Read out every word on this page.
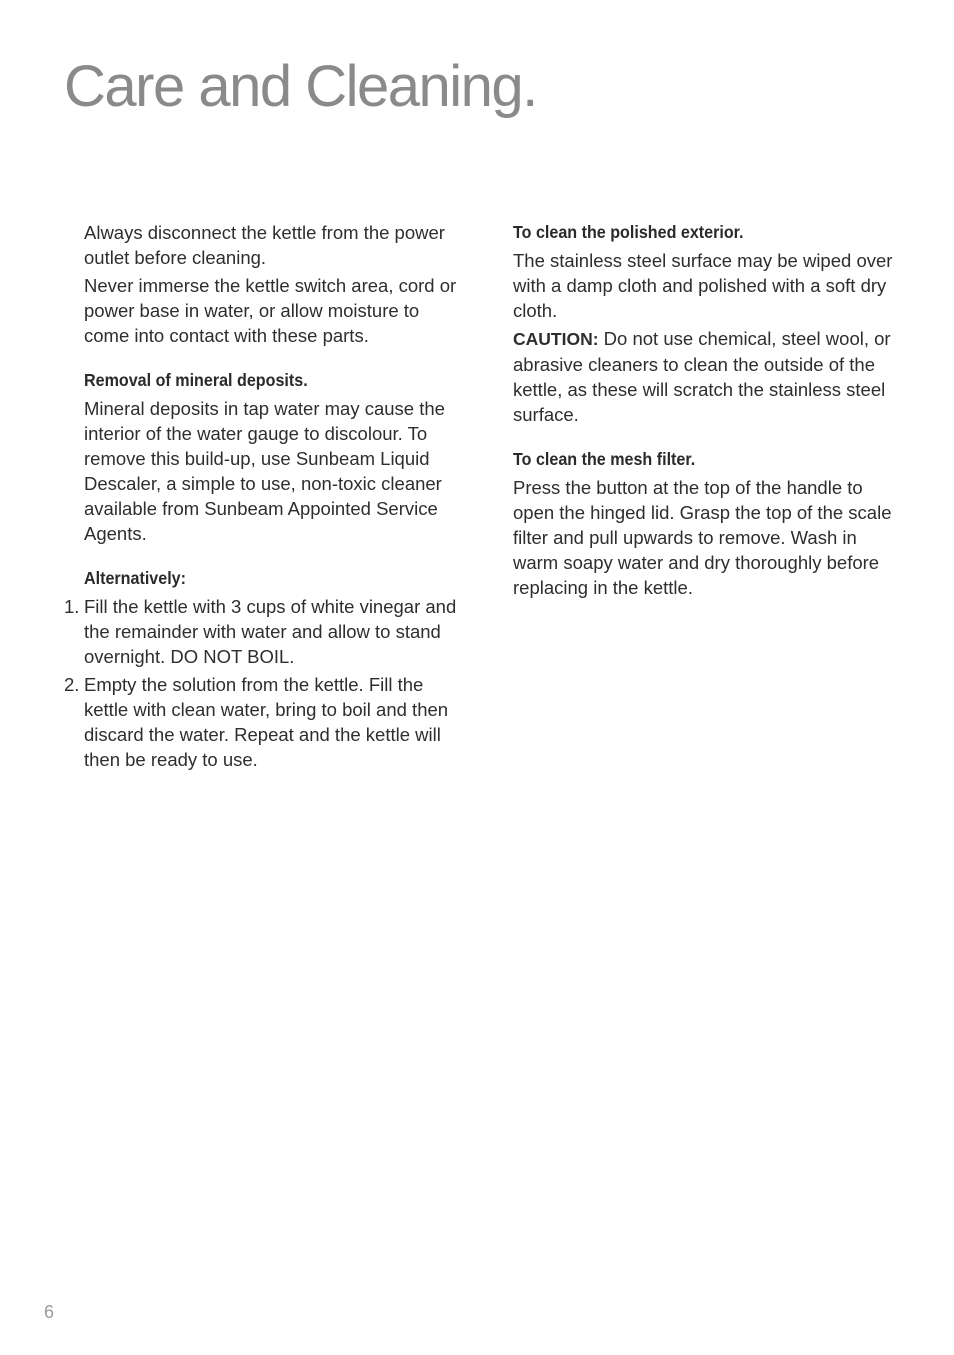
Care and Cleaning.

Always disconnect the kettle from the power outlet before cleaning.

Never immerse the kettle switch area, cord or power base in water, or allow moisture to come into contact with these parts.

Removal of mineral deposits.

Mineral deposits in tap water may cause the interior of the water gauge to discolour. To remove this build-up, use Sunbeam Liquid Descaler, a simple to use, non-toxic cleaner available from Sunbeam Appointed Service Agents.

Alternatively:
1. Fill the kettle with 3 cups of white vinegar and the remainder with water and allow to stand overnight. DO NOT BOIL.
2. Empty the solution from the kettle. Fill the kettle with clean water, bring to boil and then discard the water. Repeat and the kettle will then be ready to use.
To clean the polished exterior.

The stainless steel surface may be wiped over with a damp cloth and polished with a soft dry cloth.

CAUTION: Do not use chemical, steel wool, or abrasive cleaners to clean the outside of the kettle, as these will scratch the stainless steel surface.

To clean the mesh filter.

Press the button at the top of the handle to open the hinged lid. Grasp the top of the scale filter and pull upwards to remove. Wash in warm soapy water and dry thoroughly before replacing in the kettle.

6
